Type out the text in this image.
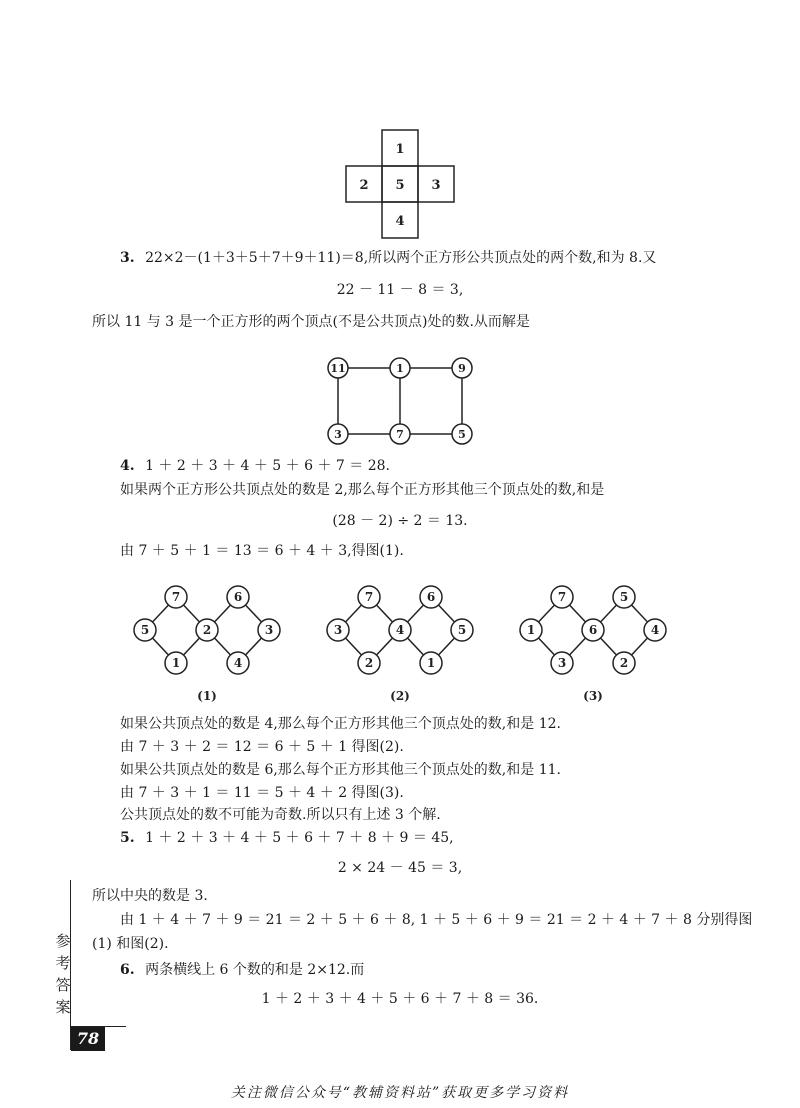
1
2 5 3
4
3. 22×2－(1＋3＋5＋7＋9＋11)＝8,所以两个正方形公共顶点处的两个数,和为 8.又
22 － 11 － 8 ＝ 3,
所以 11 与 3 是一个正方形的两个顶点(不是公共顶点)处的数.从而解是
11	1	9
3	7	5
4. 1 ＋ 2 ＋ 3 ＋ 4 ＋ 5 ＋ 6 ＋ 7 ＝ 28.
如果两个正方形公共顶点处的数是 2,那么每个正方形其他三个顶点处的数,和是
(28 － 2) ÷ 2 ＝ 13.
由 7 ＋ 5 ＋ 1 ＝ 13 ＝ 6 ＋ 4 ＋ 3,得图(1).
5
7
2
1
6
3
4
(1)
3
7
4
2
6
5
1
(2)
1
7
6
3
5
4
2
(3)
如果公共顶点处的数是 4,那么每个正方形其他三个顶点处的数,和是 12.
由 7 ＋ 3 ＋ 2 ＝ 12 ＝ 6 ＋ 5 ＋ 1 得图(2).
如果公共顶点处的数是 6,那么每个正方形其他三个顶点处的数,和是 11.
由 7 ＋ 3 ＋ 1 ＝ 11 ＝ 5 ＋ 4 ＋ 2 得图(3).
公共顶点处的数不可能为奇数.所以只有上述 3 个解.
5. 1 ＋ 2 ＋ 3 ＋ 4 ＋ 5 ＋ 6 ＋ 7 ＋ 8 ＋ 9 ＝ 45,
2 × 24 － 45 ＝ 3,
所以中央的数是 3.
由 1 ＋ 4 ＋ 7 ＋ 9 ＝ 21 ＝ 2 ＋ 5 ＋ 6 ＋ 8, 1 ＋ 5 ＋ 6 ＋ 9 ＝ 21 ＝ 2 ＋ 4 ＋ 7 ＋ 8 分别得图
(1) 和图(2).
6. 两条横线上 6 个数的和是 2×12.而
1 ＋ 2 ＋ 3 ＋ 4 ＋ 5 ＋ 6 ＋ 7 ＋ 8 ＝ 36.
参
考
答
案
78
关注微信公众号“教辅资料站”获取更多学习资料
